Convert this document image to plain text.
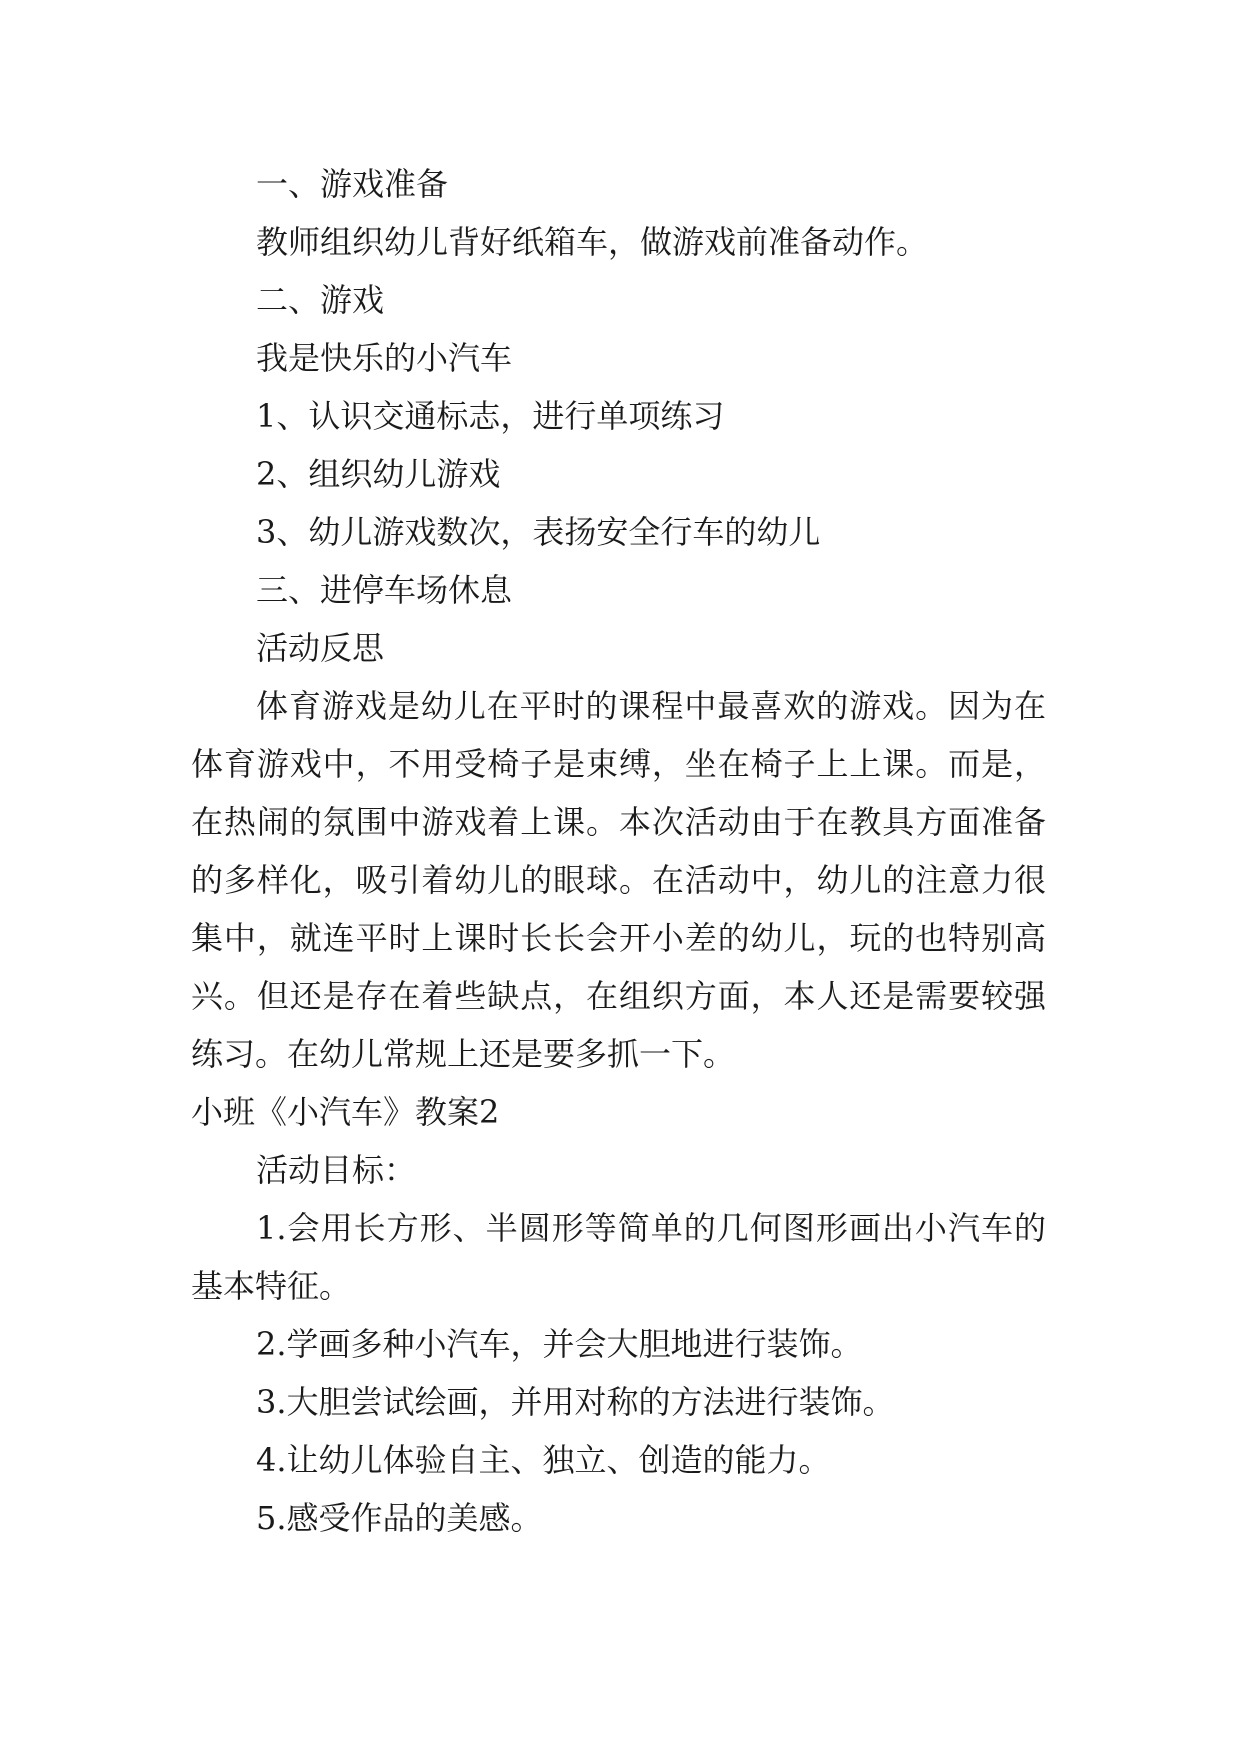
一、游戏准备
教师组织幼儿背好纸箱车，做游戏前准备动作。
二、游戏
我是快乐的小汽车
1、认识交通标志，进行单项练习
2、组织幼儿游戏
3、幼儿游戏数次，表扬安全行车的幼儿
三、进停车场休息
活动反思
体育游戏是幼儿在平时的课程中最喜欢的游戏。因为在
体育游戏中，不用受椅子是束缚，坐在椅子上上课。而是，
在热闹的氛围中游戏着上课。本次活动由于在教具方面准备
的多样化，吸引着幼儿的眼球。在活动中，幼儿的注意力很
集中，就连平时上课时长长会开小差的幼儿，玩的也特别高
兴。但还是存在着些缺点，在组织方面，本人还是需要较强
练习。在幼儿常规上还是要多抓一下。
小班《小汽车》教案2
活动目标：
1.会用长方形、半圆形等简单的几何图形画出小汽车的
基本特征。
2.学画多种小汽车，并会大胆地进行装饰。
3.大胆尝试绘画，并用对称的方法进行装饰。
4.让幼儿体验自主、独立、创造的能力。
5.感受作品的美感。
